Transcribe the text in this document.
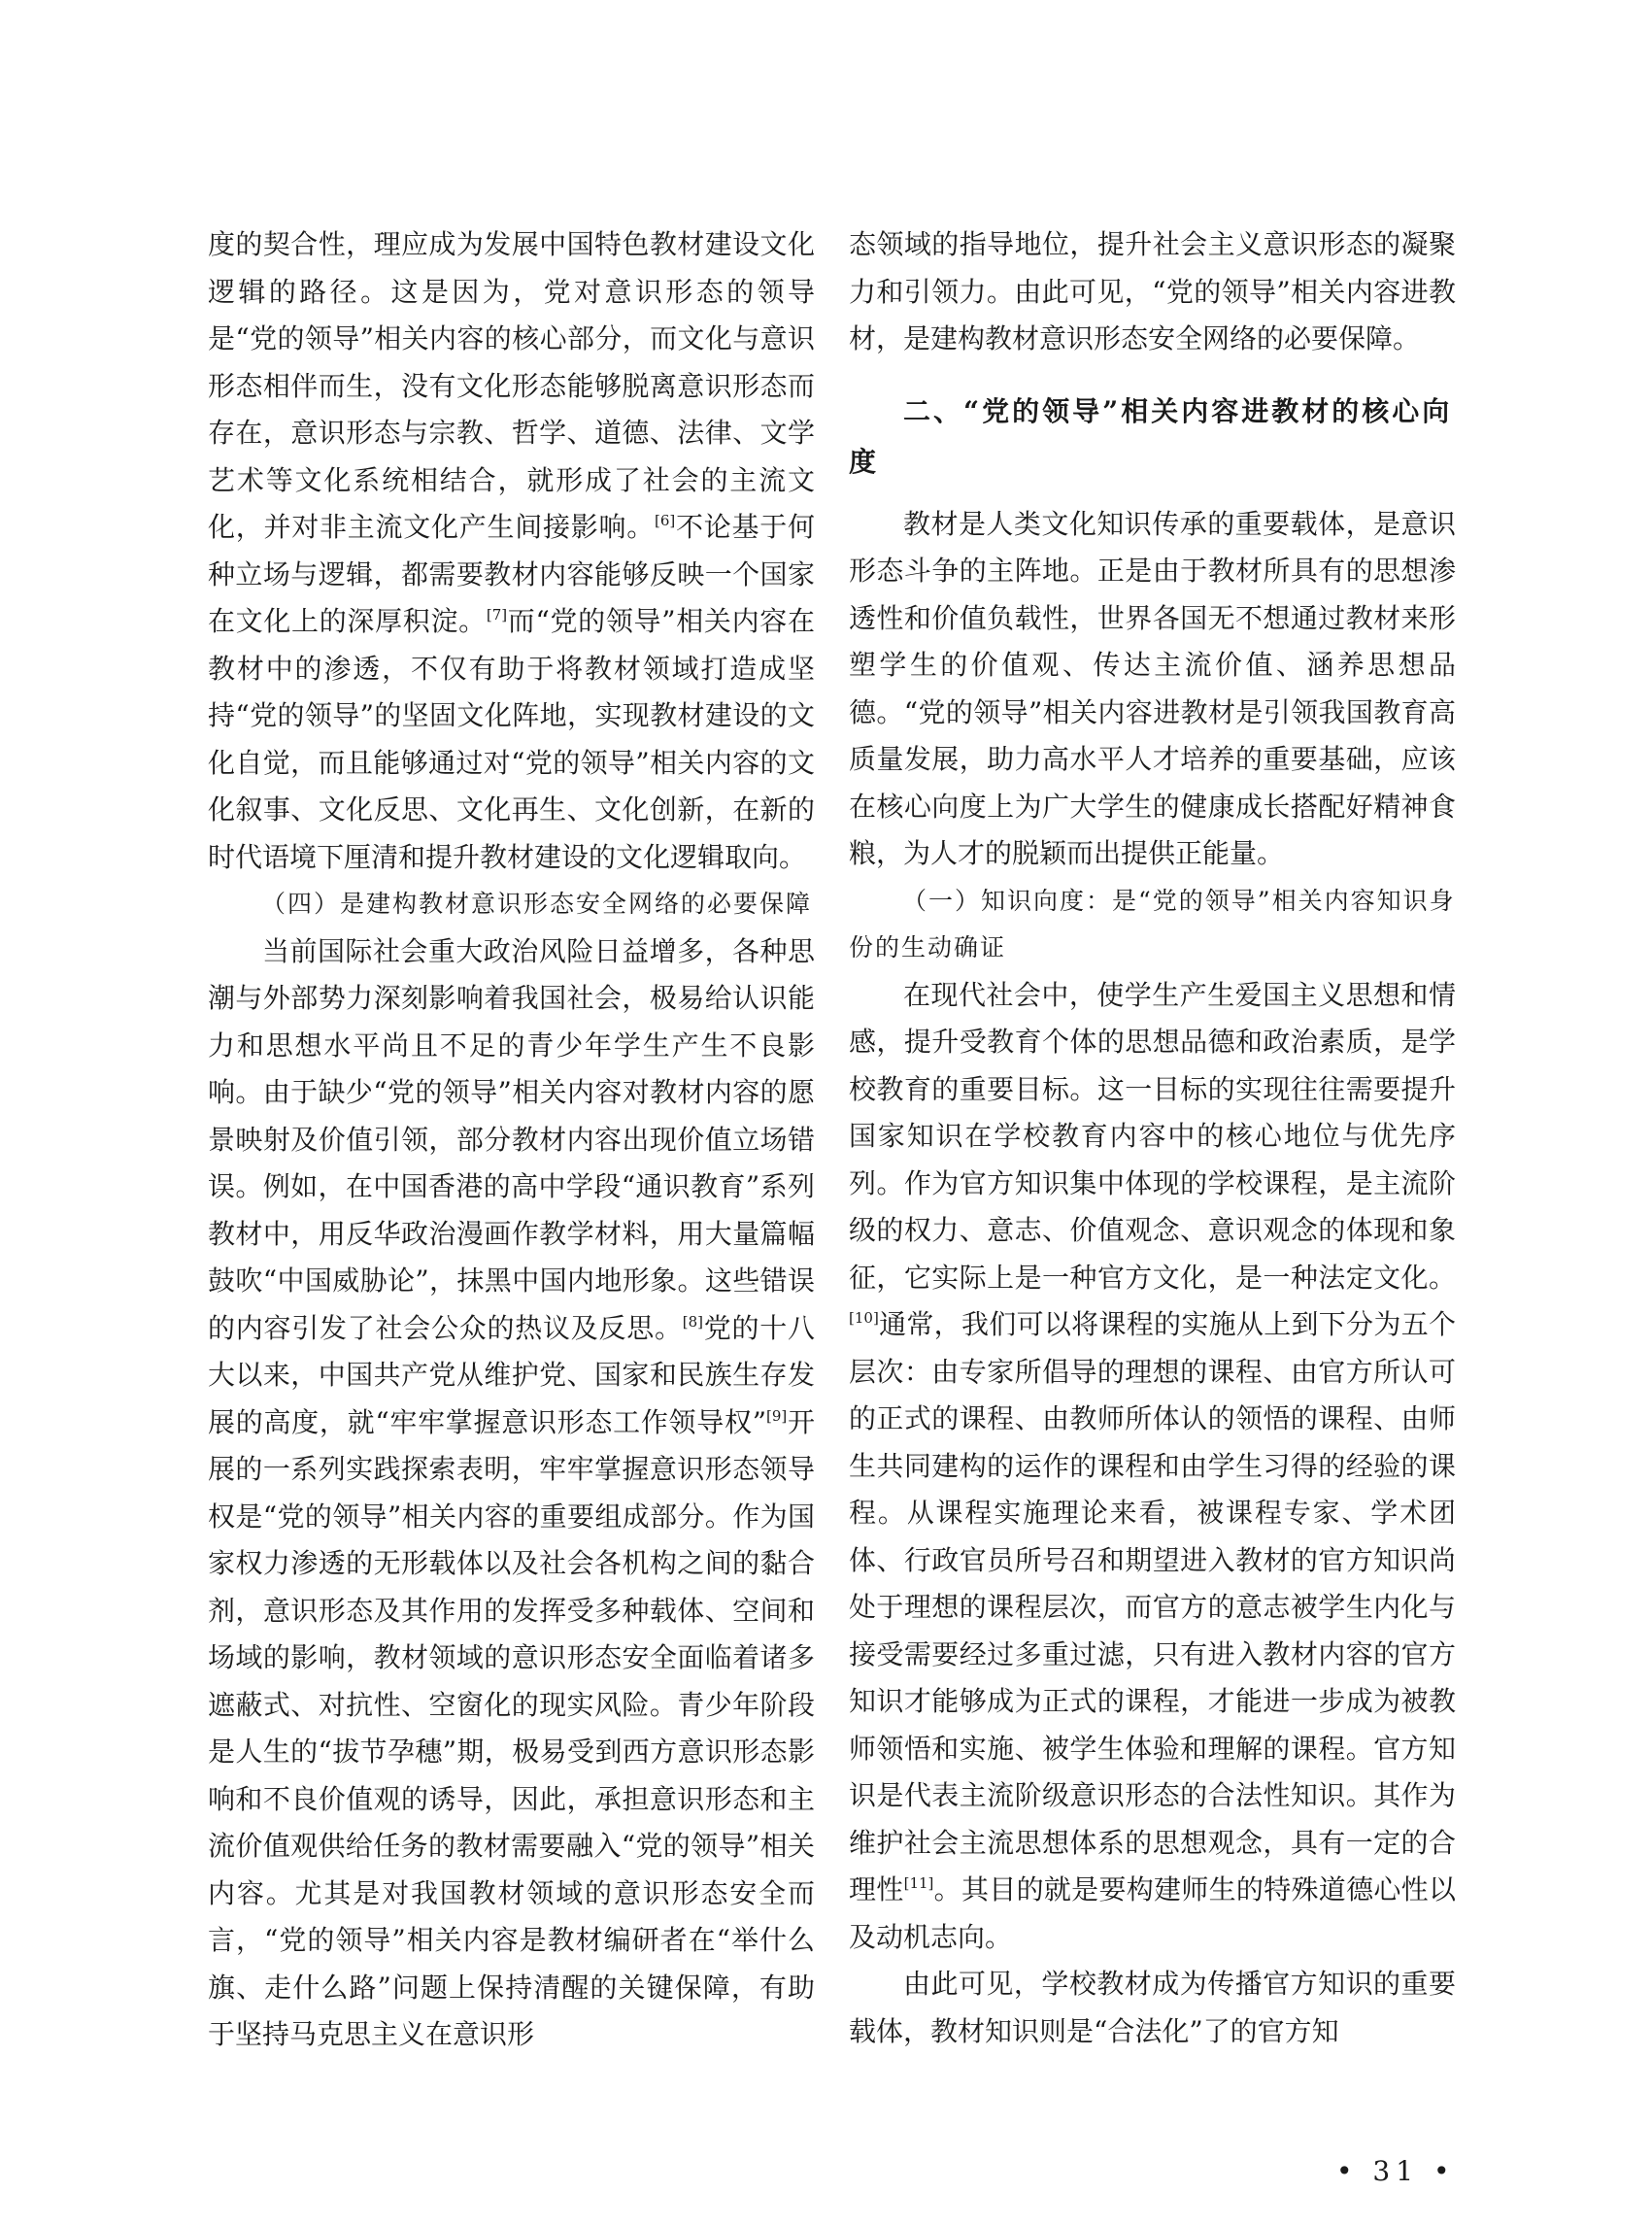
度的契合性，理应成为发展中国特色教材建设文化逻辑的路径。这是因为，党对意识形态的领导是“党的领导”相关内容的核心部分，而文化与意识形态相伴而生，没有文化形态能够脱离意识形态而存在，意识形态与宗教、哲学、道德、法律、文学艺术等文化系统相结合，就形成了社会的主流文化，并对非主流文化产生间接影响。[6]不论基于何种立场与逻辑，都需要教材内容能够反映一个国家在文化上的深厚积淀。[7]而“党的领导”相关内容在教材中的渗透，不仅有助于将教材领域打造成坚持“党的领导”的坚固文化阵地，实现教材建设的文化自觉，而且能够通过对“党的领导”相关内容的文化叙事、文化反思、文化再生、文化创新，在新的时代语境下厘清和提升教材建设的文化逻辑取向。

（四）是建构教材意识形态安全网络的必要保障

当前国际社会重大政治风险日益增多，各种思潮与外部势力深刻影响着我国社会，极易给认识能力和思想水平尚且不足的青少年学生产生不良影响。由于缺少“党的领导”相关内容对教材内容的愿景映射及价值引领，部分教材内容出现价值立场错误。例如，在中国香港的高中学段“通识教育”系列教材中，用反华政治漫画作教学材料，用大量篇幅鼓吹“中国威胁论”，抹黑中国内地形象。这些错误的内容引发了社会公众的热议及反思。[8]党的十八大以来，中国共产党从维护党、国家和民族生存发展的高度，就“牢牢掌握意识形态工作领导权”[9]开展的一系列实践探索表明，牢牢掌握意识形态领导权是“党的领导”相关内容的重要组成部分。作为国家权力渗透的无形载体以及社会各机构之间的黏合剂，意识形态及其作用的发挥受多种载体、空间和场域的影响，教材领域的意识形态安全面临着诸多遮蔽式、对抗性、空窗化的现实风险。青少年阶段是人生的“拔节孕穗”期，极易受到西方意识形态影响和不良价值观的诱导，因此，承担意识形态和主流价值观供给任务的教材需要融入“党的领导”相关内容。尤其是对我国教材领域的意识形态安全而言，“党的领导”相关内容是教材编研者在“举什么旗、走什么路”问题上保持清醒的关键保障，有助于坚持马克思主义在意识形

态领域的指导地位，提升社会主义意识形态的凝聚力和引领力。由此可见，“党的领导”相关内容进教材，是建构教材意识形态安全网络的必要保障。

二、“党的领导”相关内容进教材的核心向度

教材是人类文化知识传承的重要载体，是意识形态斗争的主阵地。正是由于教材所具有的思想渗透性和价值负载性，世界各国无不想通过教材来形塑学生的价值观、传达主流价值、涵养思想品德。“党的领导”相关内容进教材是引领我国教育高质量发展，助力高水平人才培养的重要基础，应该在核心向度上为广大学生的健康成长搭配好精神食粮，为人才的脱颖而出提供正能量。

（一）知识向度：是“党的领导”相关内容知识身份的生动确证

在现代社会中，使学生产生爱国主义思想和情感，提升受教育个体的思想品德和政治素质，是学校教育的重要目标。这一目标的实现往往需要提升国家知识在学校教育内容中的核心地位与优先序列。作为官方知识集中体现的学校课程，是主流阶级的权力、意志、价值观念、意识观念的体现和象征，它实际上是一种官方文化，是一种法定文化。[10]通常，我们可以将课程的实施从上到下分为五个层次：由专家所倡导的理想的课程、由官方所认可的正式的课程、由教师所体认的领悟的课程、由师生共同建构的运作的课程和由学生习得的经验的课程。从课程实施理论来看，被课程专家、学术团体、行政官员所号召和期望进入教材的官方知识尚处于理想的课程层次，而官方的意志被学生内化与接受需要经过多重过滤，只有进入教材内容的官方知识才能够成为正式的课程，才能进一步成为被教师领悟和实施、被学生体验和理解的课程。官方知识是代表主流阶级意识形态的合法性知识。其作为维护社会主流思想体系的思想观念，具有一定的合理性[11]。其目的就是要构建师生的特殊道德心性以及动机志向。

由此可见，学校教材成为传播官方知识的重要载体，教材知识则是“合法化”了的官方知

• 31 •
